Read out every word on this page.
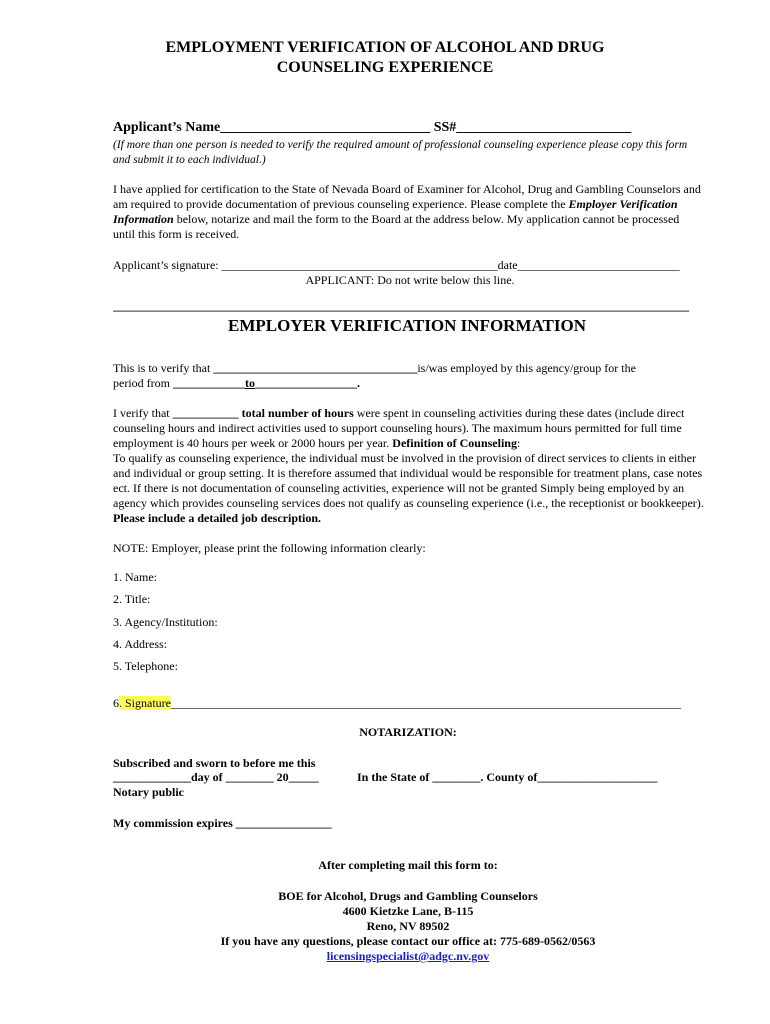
EMPLOYMENT VERIFICATION OF ALCOHOL AND DRUG
COUNSELING EXPERIENCE
Applicant’s Name______________________________ SS#_________________________
(If more than one person is needed to verify the required amount of professional counseling experience please copy this form and submit it to each individual.)
I have applied for certification to the State of Nevada Board of Examiner for Alcohol, Drug and Gambling Counselors and am required to provide documentation of previous counseling experience. Please complete the Employer Verification Information below, notarize and mail the form to the Board at the address below. My application cannot be processed until this form is received.
Applicant’s signature: ______________________________________________date___________________________
APPLICANT: Do not write below this line.
________________________________________________________________________________________________
EMPLOYER VERIFICATION INFORMATION
This is to verify that __________________________________is/was employed by this agency/group for the
period from ____________to_________________.
I verify that ___________ total number of hours were spent in counseling activities during these dates (include direct counseling hours and indirect activities used to support counseling hours). The maximum hours permitted for full time employment is 40 hours per week or 2000 hours per year. Definition of Counseling:
To qualify as counseling experience, the individual must be involved in the provision of direct services to clients in either and individual or group setting. It is therefore assumed that individual would be responsible for treatment plans, case notes ect. If there is not documentation of counseling activities, experience will not be granted Simply being employed by an agency which provides counseling services does not qualify as counseling experience (i.e., the receptionist or bookkeeper). Please include a detailed job description.
NOTE: Employer, please print the following information clearly:
1. Name:
2. Title:
3. Agency/Institution:
4. Address:
5. Telephone:
6. Signature_____________________________________________________________________________________
NOTARIZATION:
Subscribed and sworn to before me this
_____________day of ________ 20_____	In the State of ________. County of____________________
Notary public
My commission expires ________________
After completing mail this form to:
BOE for Alcohol, Drugs and Gambling Counselors
4600 Kietzke Lane, B-115
Reno, NV 89502
If you have any questions, please contact our office at: 775-689-0562/0563
licensingspecialist@adgc.nv.gov
